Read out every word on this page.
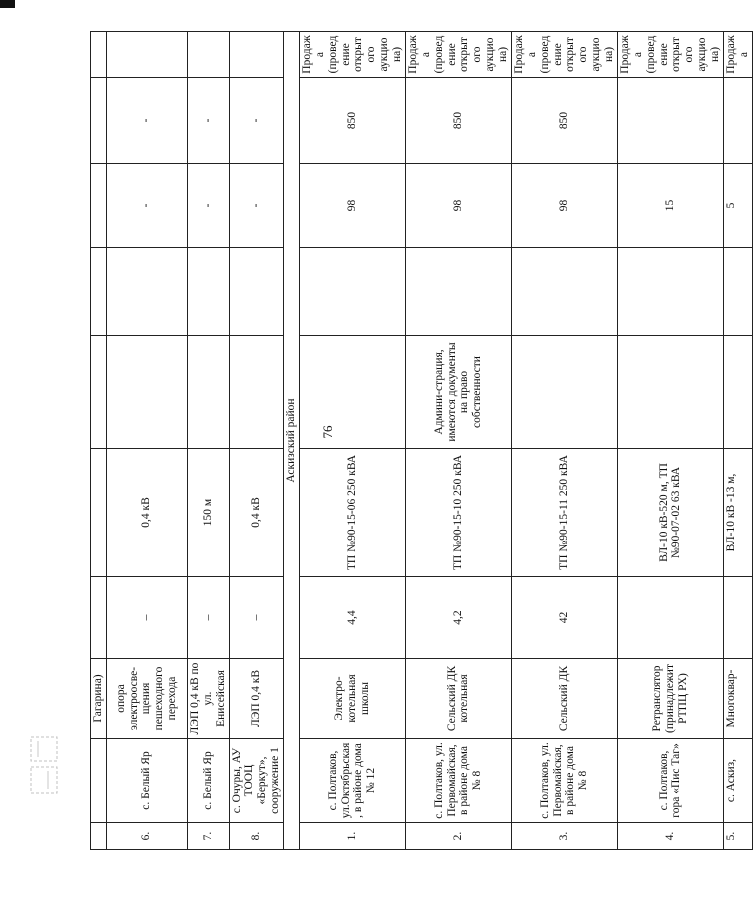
76
		Гагарина)							
6.	с. Белый Яр	опора электроосве-щения пешеходного перехода	–	0,4 кВ			-	-	
7.	с. Белый Яр	ЛЭП 0,4 кВ по ул. Енисейская	–	150 м			-	-	
8.	с. Очуры, АУ ТООЦ «Беркут», сооружение 1	ЛЭП 0,4 кВ	–	0,4 кВ			-	-	
Аскизский район									
1.	с. Полтаков, ул.Октябрьская, в районе дома № 12	Электро-котельная школы	4,4	ТП №90-15-06 250 кВА			98	850	Продажа (проведение открытого аукциона)
2.	с. Полтаков, ул. Первомайская, в районе дома № 8	Сельский ДК котельная	4,2	ТП №90-15-10 250 кВА	Админи-страция, имеются документы на право собственности		98	850	Продажа (проведение открытого аукциона)
3.	с. Полтаков, ул. Первомайская, в районе дома № 8	Сельский ДК	42	ТП №90-15-11 250 кВА			98	850	Продажа (проведение открытого аукциона)
4.	с. Полтаков, гора «Пис Таг»	Ретранслятор (принадлежит РТПЦ РХ)		ВЛ-10 кВ-520 м, ТП №90-07-02 63 кВА			15		Продажа (проведение открытого аукциона)
5.	с. Аскиз,	Многоквар-		ВЛ-10 кВ -13 м,			5		Продажа
